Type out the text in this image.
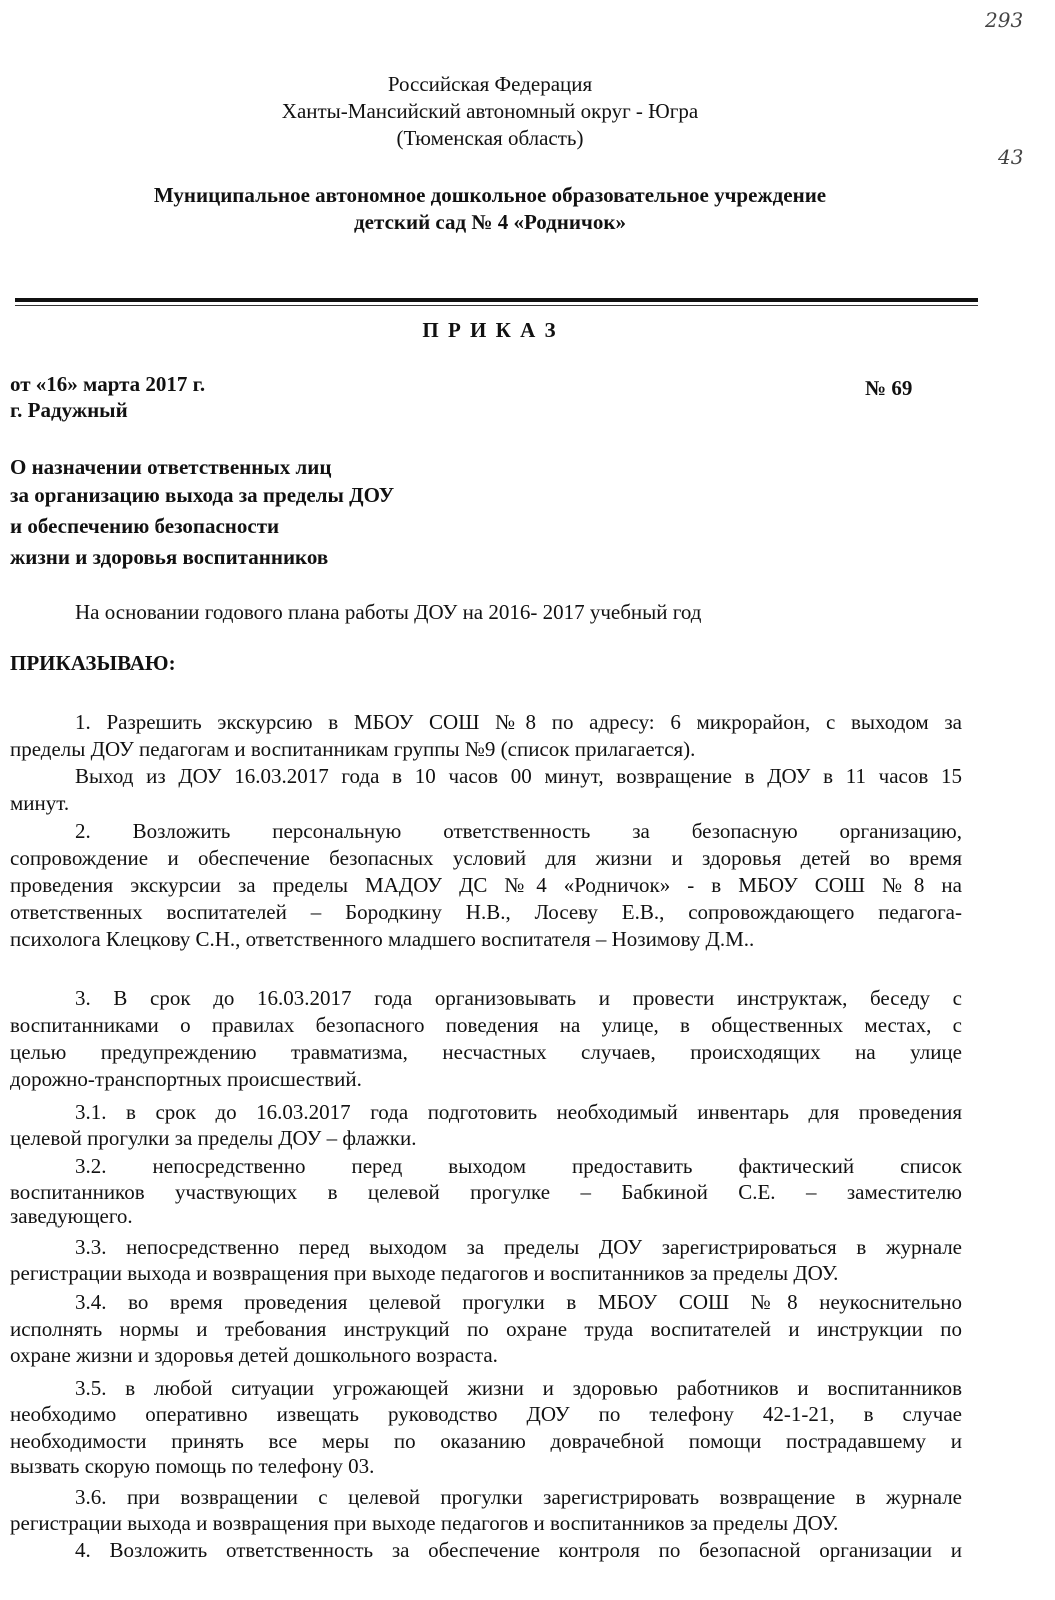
293
43
Российская Федерация
Ханты-Мансийский автономный округ - Югра
(Тюменская область)
Муниципальное автономное дошкольное образовательное учреждение
детский сад № 4 «Родничок»
П Р И К А З
от «16» марта 2017 г.
г. Радужный
№ 69
О назначении ответственных лиц
за организацию выхода за пределы ДОУ
и обеспечению безопасности
жизни и здоровья воспитанников
На основании годового плана работы ДОУ на 2016- 2017 учебный год
ПРИКАЗЫВАЮ:
1. Разрешить экскурсию в МБОУ СОШ №8 по адресу: 6 микрорайон, с выходом за
пределы ДОУ педагогам и воспитанникам группы №9 (список прилагается).
Выход из ДОУ 16.03.2017 года в 10 часов 00 минут, возвращение в ДОУ в 11 часов 15
минут.
2. Возложить персональную ответственность за безопасную организацию,
сопровождение и обеспечение безопасных условий для жизни и здоровья детей во время
проведения экскурсии за пределы МАДОУ ДС №4 «Родничок» - в МБОУ СОШ №8 на
ответственных воспитателей – Бородкину Н.В., Лосеву Е.В., сопровождающего педагога-
психолога Клецкову С.Н., ответственного младшего воспитателя – Нозимову Д.М..
3. В срок до 16.03.2017 года организовывать и провести инструктаж, беседу с
воспитанниками о правилах безопасного поведения на улице, в общественных местах, с
целью предупреждению травматизма, несчастных случаев, происходящих на улице
дорожно-транспортных происшествий.
3.1. в срок до 16.03.2017 года подготовить необходимый инвентарь для проведения
целевой прогулки за пределы ДОУ – флажки.
3.2. непосредственно перед выходом предоставить фактический список
воспитанников участвующих в целевой прогулке – Бабкиной С.Е. – заместителю
заведующего.
3.3. непосредственно перед выходом за пределы ДОУ зарегистрироваться в журнале
регистрации выхода и возвращения при выходе педагогов и воспитанников за пределы ДОУ.
3.4. во время проведения целевой прогулки в МБОУ СОШ №8 неукоснительно
исполнять нормы и требования инструкций по охране труда воспитателей и инструкции по
охране жизни и здоровья детей дошкольного возраста.
3.5. в любой ситуации угрожающей жизни и здоровью работников и воспитанников
необходимо оперативно извещать руководство ДОУ по телефону 42-1-21, в случае
необходимости принять все меры по оказанию доврачебной помощи пострадавшему и
вызвать скорую помощь по телефону 03.
3.6. при возвращении с целевой прогулки зарегистрировать возвращение в журнале
регистрации выхода и возвращения при выходе педагогов и воспитанников за пределы ДОУ.
4. Возложить ответственность за обеспечение контроля по безопасной организации и
